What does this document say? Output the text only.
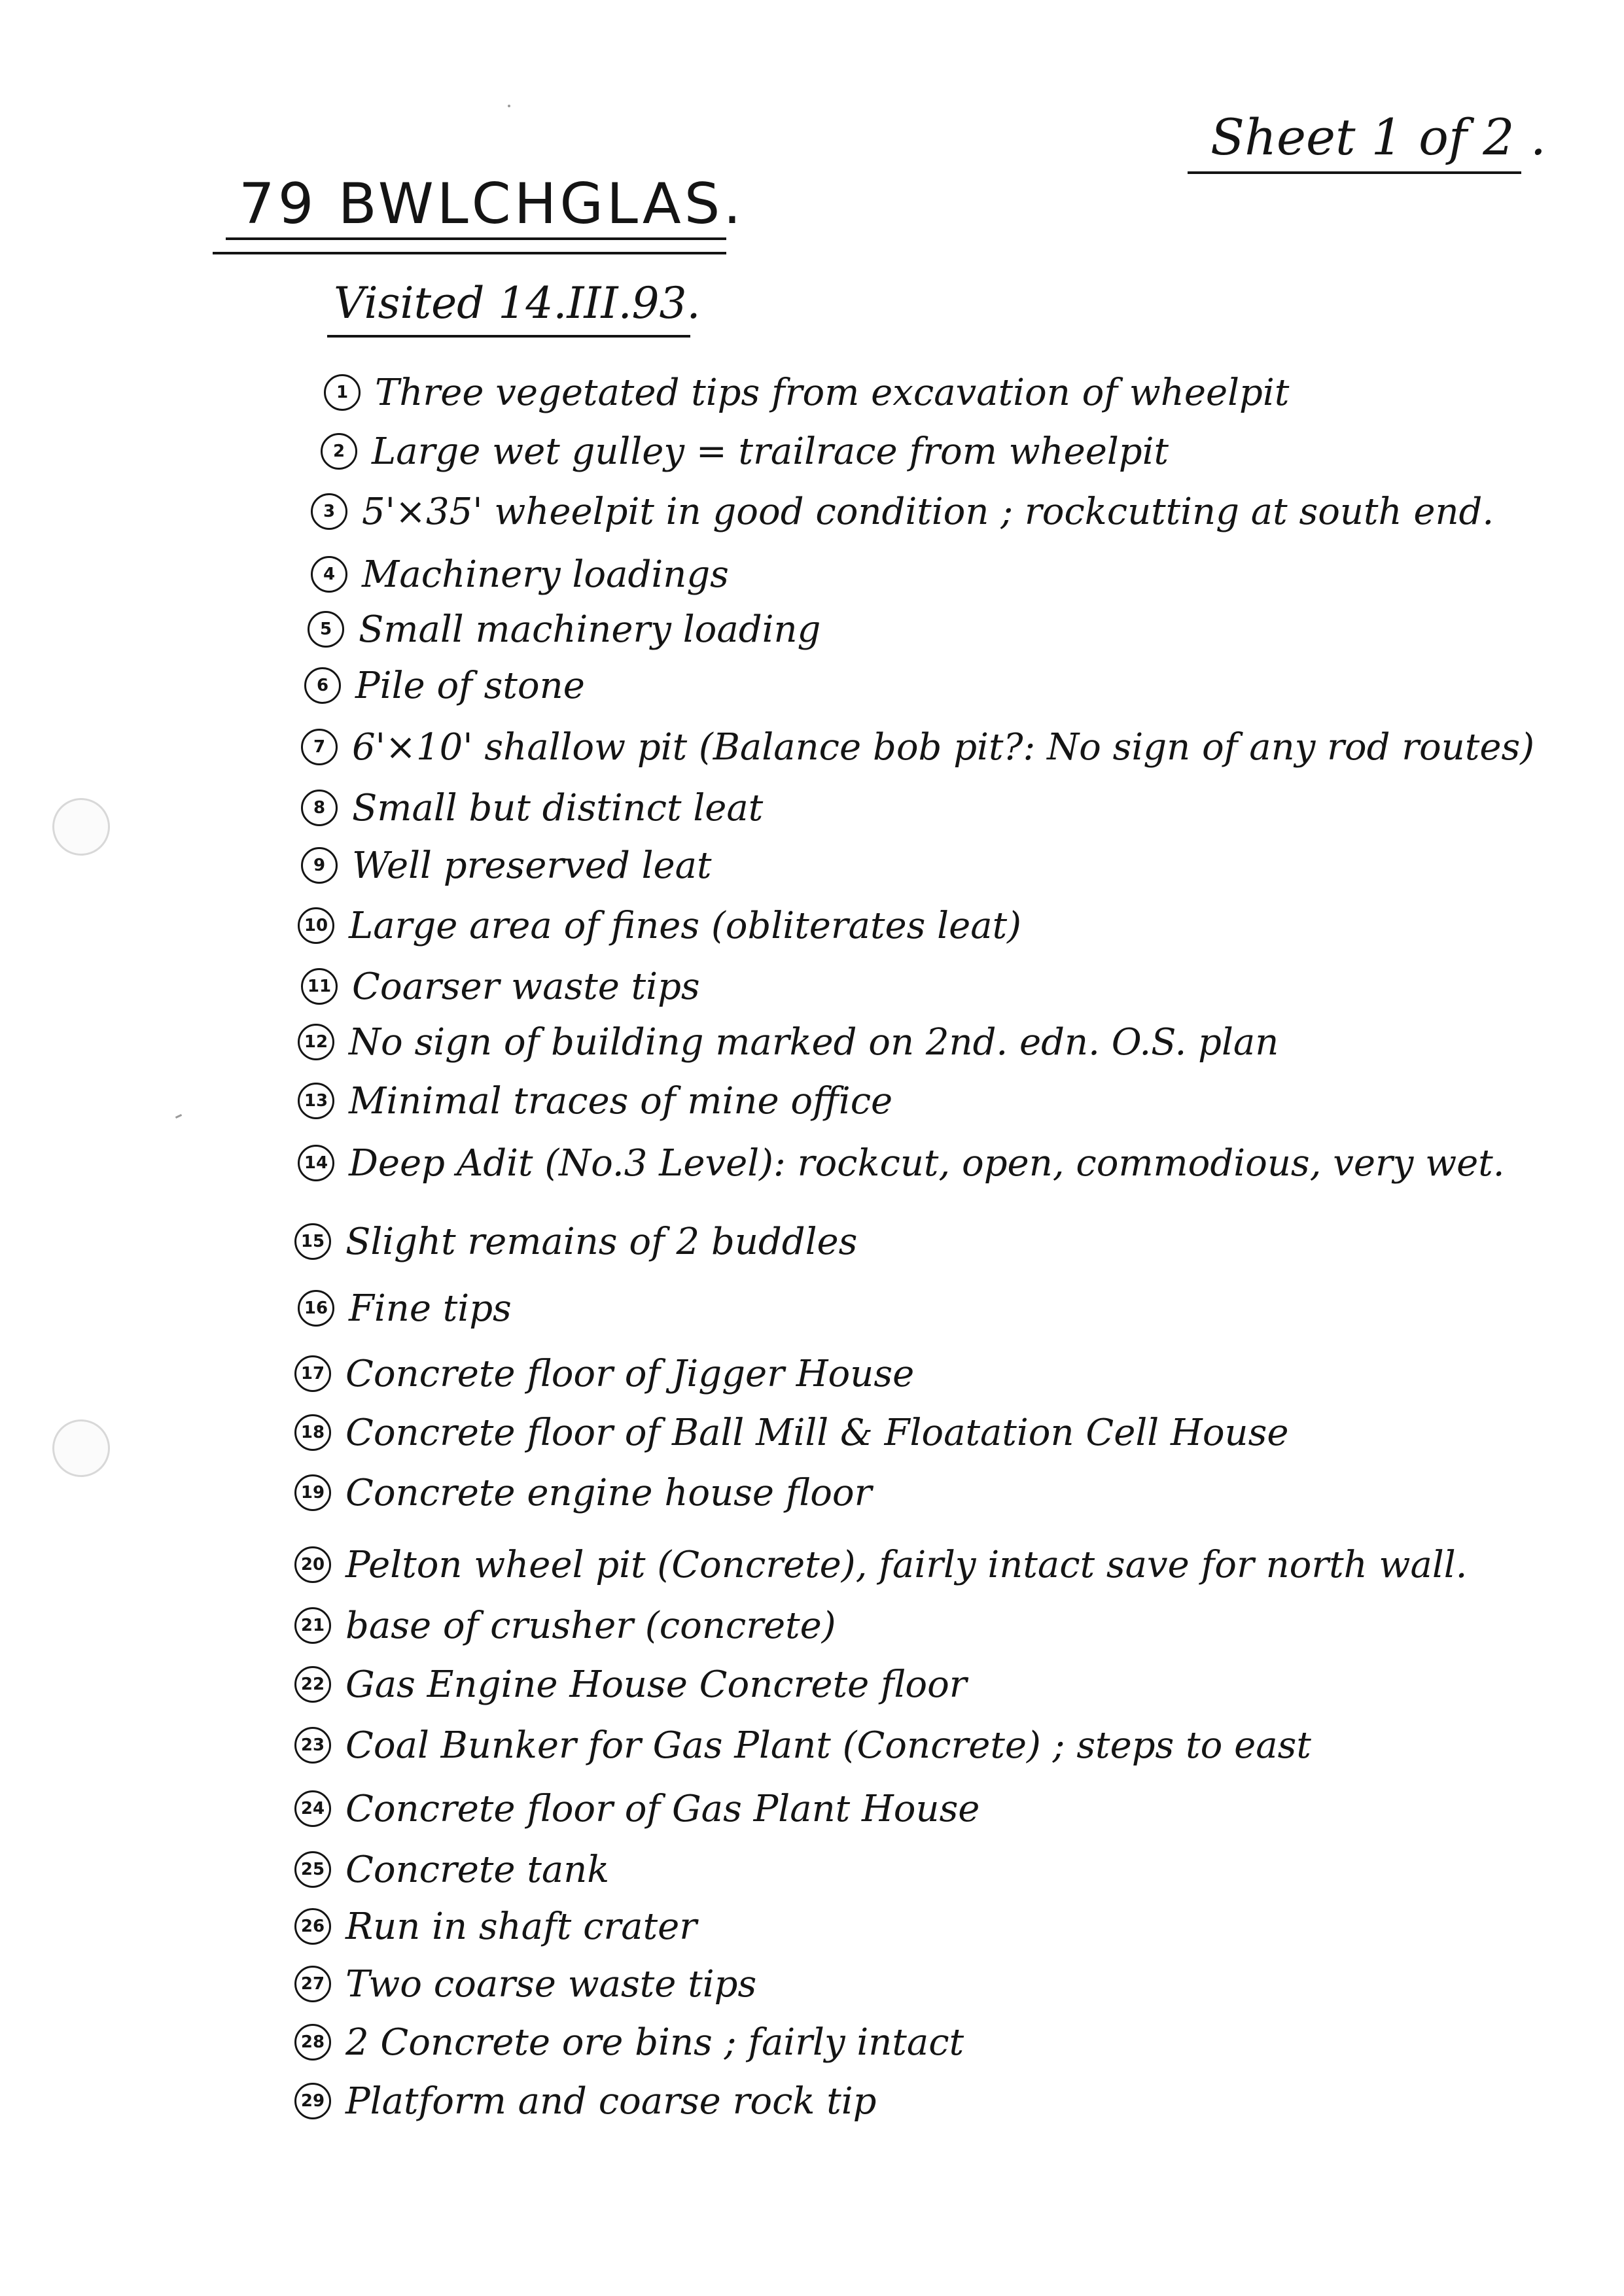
Sheet 1 of 2 .
79 BWLCHGLAS.
Visited 14.III.93.
1 Three vegetated tips from excavation of wheelpit
2 Large wet gulley = trailrace from wheelpit
3 5'×35' wheelpit in good condition ; rockcutting at south end.
4 Machinery loadings
5 Small machinery loading
6 Pile of stone
7 6'×10' shallow pit (Balance bob pit?: No sign of any rod routes)
8 Small but distinct leat
9 Well preserved leat
10 Large area of fines (obliterates leat)
11 Coarser waste tips
12 No sign of building marked on 2nd. edn. O.S. plan
13 Minimal traces of mine office
14 Deep Adit (No.3 Level): rockcut, open, commodious, very wet.
15 Slight remains of 2 buddles
16 Fine tips
17 Concrete floor of Jigger House
18 Concrete floor of Ball Mill & Floatation Cell House
19 Concrete engine house floor
20 Pelton wheel pit (Concrete), fairly intact save for north wall.
21 base of crusher (concrete)
22 Gas Engine House Concrete floor
23 Coal Bunker for Gas Plant (Concrete) ; steps to east
24 Concrete floor of Gas Plant House
25 Concrete tank
26 Run in shaft crater
27 Two coarse waste tips
28 2 Concrete ore bins ; fairly intact
29 Platform and coarse rock tip
